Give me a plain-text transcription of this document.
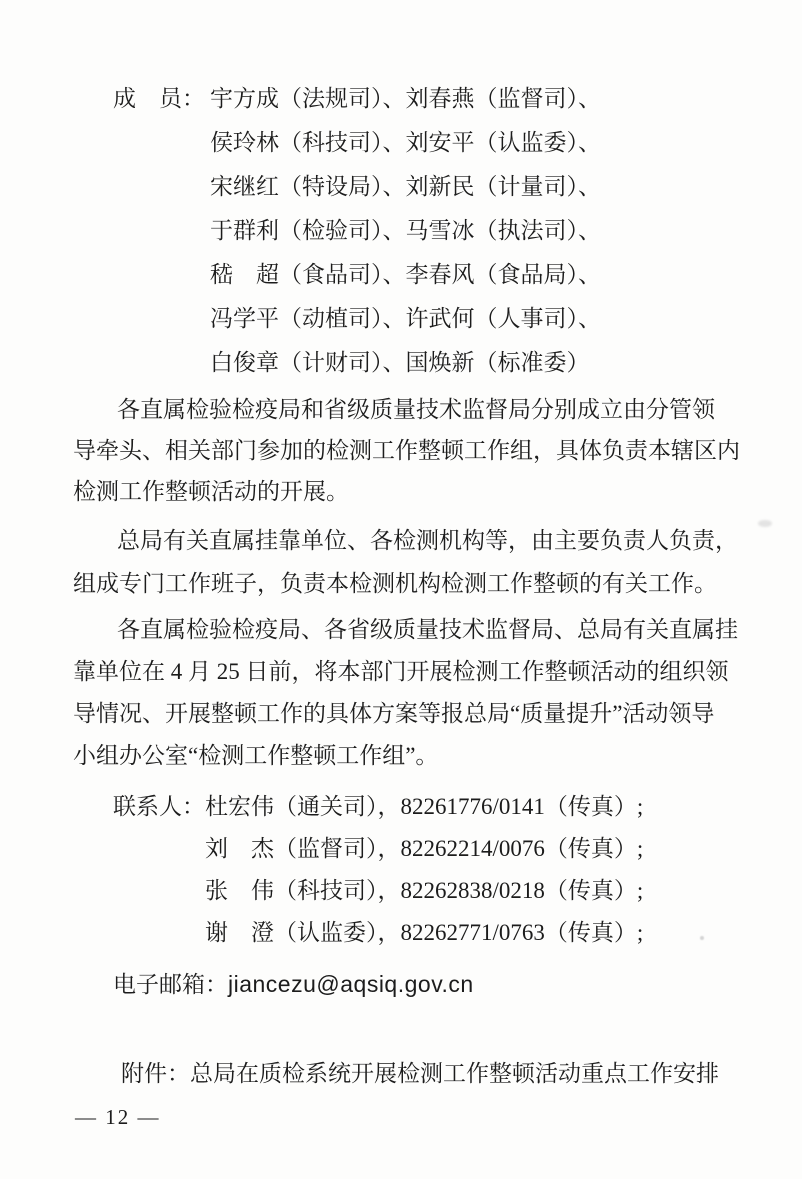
成　员： 宇方成（法规司）、刘春燕（监督司）、
侯玲林（科技司）、刘安平（认监委）、
宋继红（特设局）、刘新民（计量司）、
于群利（检验司）、马雪冰（执法司）、
嵇　超（食品司）、李春风（食品局）、
冯学平（动植司）、许武何（人事司）、
白俊章（计财司）、国焕新（标准委）
各直属检验检疫局和省级质量技术监督局分别成立由分管领
导牵头、相关部门参加的检测工作整顿工作组，具体负责本辖区内
检测工作整顿活动的开展。
总局有关直属挂靠单位、各检测机构等，由主要负责人负责，
组成专门工作班子，负责本检测机构检测工作整顿的有关工作。
各直属检验检疫局、各省级质量技术监督局、总局有关直属挂
靠单位在 4 月 25 日前，将本部门开展检测工作整顿活动的组织领
导情况、开展整顿工作的具体方案等报总局“质量提升”活动领导
小组办公室“检测工作整顿工作组”。
联系人：杜宏伟（通关司），82261776/0141（传真）;
刘　杰（监督司），82262214/0076（传真）;
张　伟（科技司），82262838/0218（传真）;
谢　澄（认监委），82262771/0763（传真）;
电子邮箱：jiancezu@aqsiq.gov.cn
附件：总局在质检系统开展检测工作整顿活动重点工作安排
— 12 —
